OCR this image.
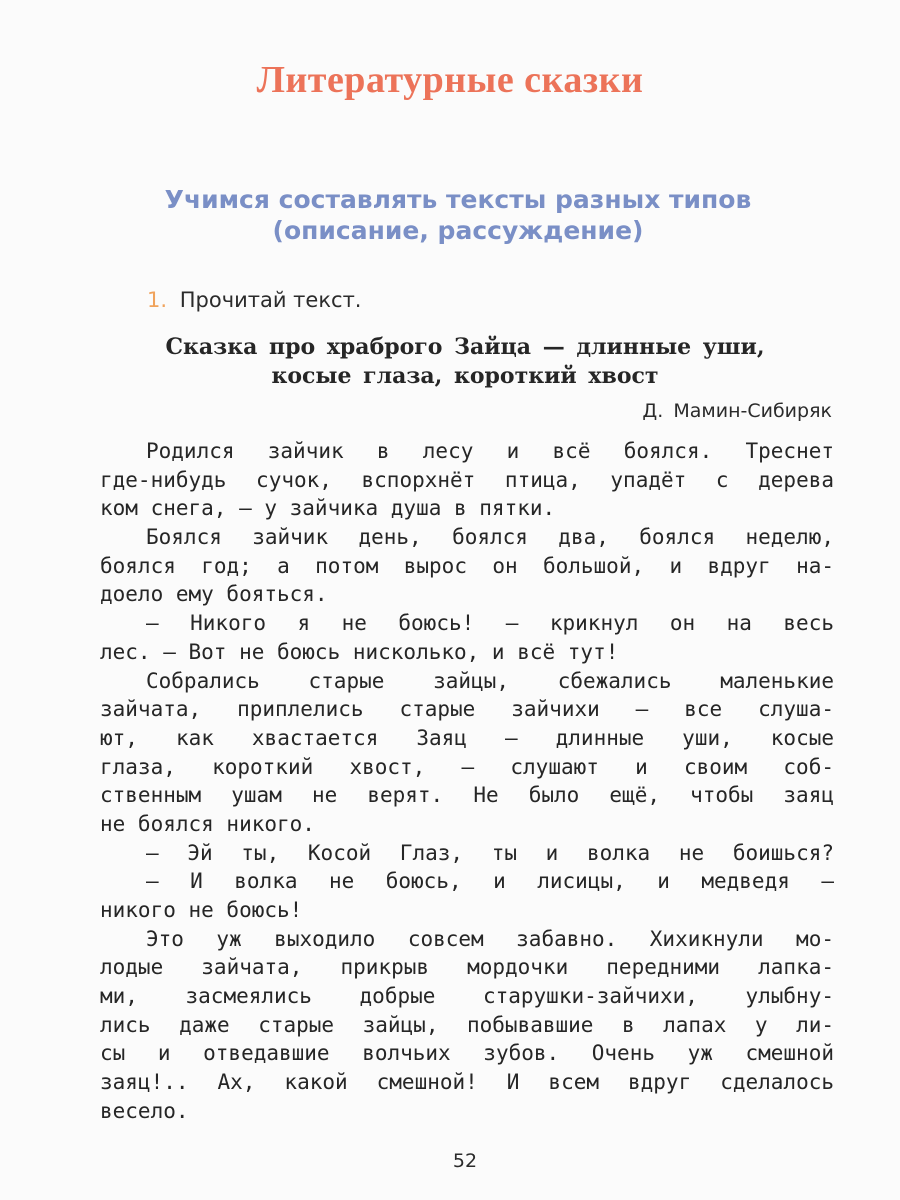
Литературные сказки
Учимся составлять тексты разных типов
(описание, рассуждение)
1. Прочитай текст.
Сказка про храброго Зайца — длинные уши,
косые глаза, короткий хвост
Д. Мамин-Сибиряк
Родился зайчик в лесу и всё боялся. Треснет
где-нибудь сучок, вспорхнёт птица, упадёт с дерева
ком снега, — у зайчика душа в пятки.
Боялся зайчик день, боялся два, боялся неделю,
боялся год; а потом вырос он большой, и вдруг на-
доело ему бояться.
— Никого я не боюсь! — крикнул он на весь
лес. — Вот не боюсь нисколько, и всё тут!
Собрались старые зайцы, сбежались маленькие
зайчата, приплелись старые зайчихи — все слуша-
ют, как хвастается Заяц — длинные уши, косые
глаза, короткий хвост, — слушают и своим соб-
ственным ушам не верят. Не было ещё, чтобы заяц
не боялся никого.
— Эй ты, Косой Глаз, ты и волка не боишься?
— И волка не боюсь, и лисицы, и медведя —
никого не боюсь!
Это уж выходило совсем забавно. Хихикнули мо-
лодые зайчата, прикрыв мордочки передними лапка-
ми, засмеялись добрые старушки-зайчихи, улыбну-
лись даже старые зайцы, побывавшие в лапах у ли-
сы и отведавшие волчьих зубов. Очень уж смешной
заяц!.. Ах, какой смешной! И всем вдруг сделалось
весело.
52
